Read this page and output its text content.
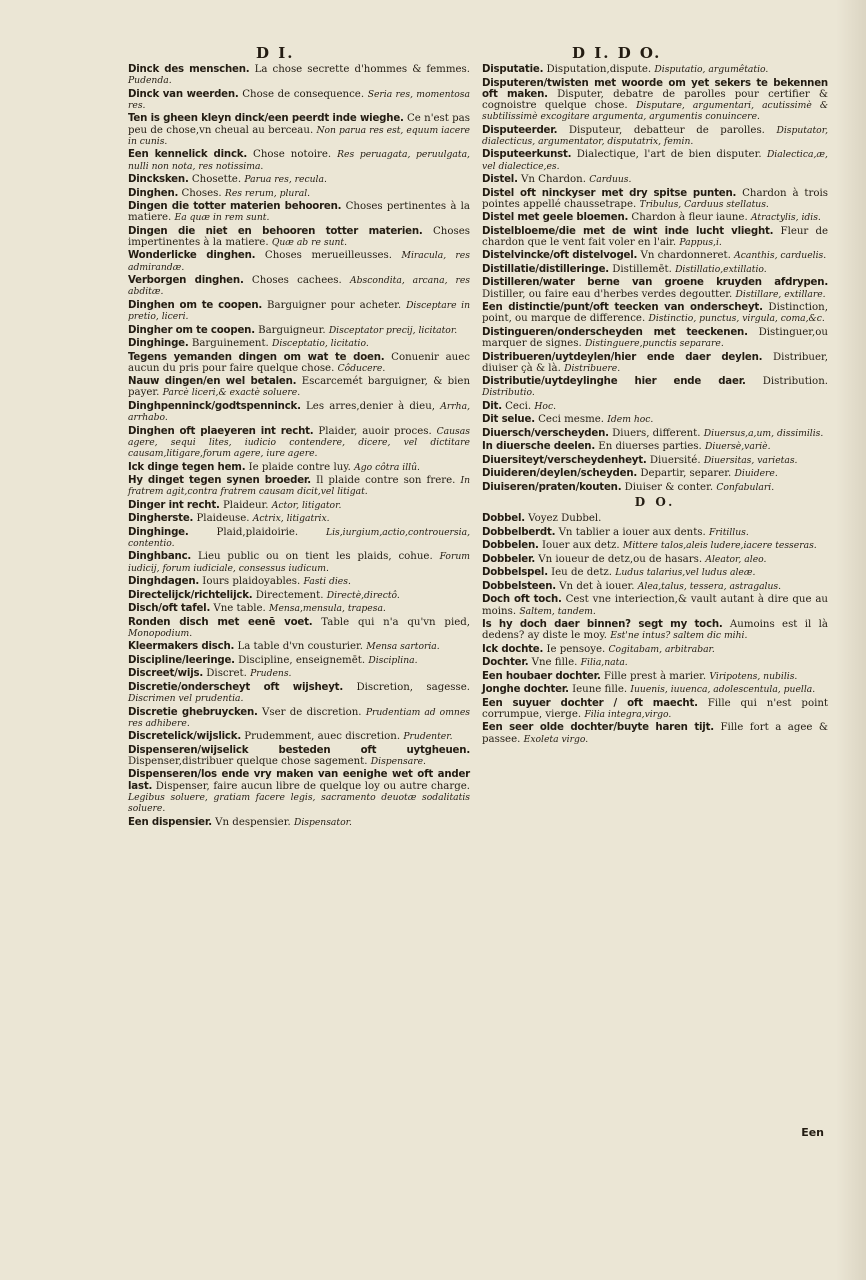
D I.	D I. D O.
Dinck des menschen. La chose secrette d'hommes & femmes. Pudenda.
Dinck van weerden. Chose de consequence. Seria res, momentosa res.
Ten is gheen kleyn dinck/een peerdt inde wieghe. Ce n'est pas peu de chose,vn cheual au berceau. Non parua res est, equum iacere in cunis.
Een kennelick dinck. Chose notoire. Res peruagata, peruulgata, nulli non nota, res notissima.
Dincksken. Chosette. Parua res, recula.
Dinghen. Choses. Res rerum, plural.
Dingen die totter materien behooren. Choses pertinentes à la matiere. Ea quæ in rem sunt.
Dingen die niet en behooren totter materien. Choses impertinentes à la matiere. Quæ ab re sunt.
Wonderlicke dinghen. Choses merueilleusses. Miracula, res admirandæ.
Verborgen dinghen. Choses cachees. Abscondita, arcana, res abditæ.
Dinghen om te coopen. Barguigner pour acheter. Disceptare in pretio, liceri.
Dingher om te coopen. Barguigneur. Disceptator precij, licitator.
Dinghinge. Barguinement. Disceptatio, licitatio.
Tegens yemanden dingen om wat te doen. Conuenir auec aucun du pris pour faire quelque chose. Côducere.
Nauw dingen/en wel betalen. Escarcemét barguigner, & bien payer. Parcè liceri,& exactè soluere.
Dinghpenninck/godtspenninck. Les arres,denier à dieu, Arrha, arrhabo.
Dinghen oft plaeyeren int recht. Plaider, auoir proces. Causas agere, sequi lites, iudicio contendere, dicere, vel dictitare causam,litigare,forum agere, iure agere.
Ick dinge tegen hem. Ie plaide contre luy. Ago côtra illû.
Hy dinget tegen synen broeder. Il plaide contre son frere. In fratrem agit,contra fratrem causam dicit,vel litigat.
Dinger int recht. Plaideur. Actor, litigator.
Dingherste. Plaideuse. Actrix, litigatrix.
Dinghinge.	Plaid,plaidoirie.	Lis,iurgium,actio,controuersia, contentio.
Dinghbanc. Lieu public ou on tient les plaids, cohue. Forum iudicij, forum iudiciale, consessus iudicum.
Dinghdagen. Iours plaidoyables. Fasti dies.
Directelijck/richtelijck. Directement. Directè,directô.
Disch/oft tafel. Vne table. Mensa,mensula, trapesa.
Ronden disch met eenē voet. Table qui n'a qu'vn pied, Monopodium.
Kleermakers disch. La table d'vn cousturier. Mensa sartoria.
Discipline/leeringe. Discipline, enseignemēt. Disciplina.
Discreet/wijs. Discret. Prudens.
Discretie/onderscheyt oft wijsheyt. Discretion, sagesse. Discrimen vel prudentia.
Discretie ghebruycken. Vser de discretion. Prudentiam ad omnes res adhibere.
Discretelick/wijslick. Prudemment, auec discretion. Prudenter.
Dispenseren/wijselick besteden oft uytgheuen. Dispenser,distribuer quelque chose sagement. Dispensare.
Dispenseren/los ende vry maken van eenighe wet oft ander last. Dispenser, faire aucun libre de quelque loy ou autre charge. Legibus soluere, gratiam facere legis, sacramento deuotæ sodalitatis soluere.
Een dispensier. Vn despensier. Dispensator.
Disputatie. Disputation,dispute. Disputatio, argumêtatio.
Disputeren/twisten met woorde om yet sekers te bekennen oft maken. Disputer, debatre de parolles pour certifier & cognoistre quelque chose. Disputare, argumentari, acutissimè & subtilissimè excogitare argumenta, argumentis conuincere.
Disputeerder. Disputeur, debatteur de parolles. Disputator, dialecticus, argumentator, disputatrix, femin.
Disputeerkunst. Dialectique, l'art de bien disputer. Dialectica,æ, vel dialectice,es.
Distel. Vn Chardon. Carduus.
Distel oft ninckyser met dry spitse punten. Chardon à trois pointes appellé chaussetrape. Tribulus, Carduus stellatus.
Distel met geele bloemen. Chardon à fleur iaune. Atractylis, idis.
Distelbloeme/die met de wint inde lucht vlieght. Fleur de chardon que le vent fait voler en l'air. Pappus,i.
Distelvincke/oft distelvogel. Vn chardonneret. Acanthis, carduelis.
Distillatie/distilleringe. Distillemēt. Distillatio,extillatio.
Distilleren/water berne van groene kruyden afdrypen. Distiller, ou faire eau d'herbes verdes degoutter. Distillare, extillare.
Een distinctie/punt/oft teecken van onderscheyt. Distinction, point, ou marque de difference. Distinctio, punctus, virgula, coma,&c.
Distingueren/onderscheyden met teeckenen. Distinguer,ou marquer de signes. Distinguere,punctis separare.
Distribueren/uytdeylen/hier ende daer deylen. Distribuer, diuiser çà & là. Distribuere.
Distributie/uytdeylinghe hier ende daer. Distribution. Distributio.
Dit. Ceci. Hoc.
Dit selue. Ceci mesme. Idem hoc.
Diuersch/verscheyden. Diuers, different. Diuersus,a,um, dissimilis.
In diuersche deelen. En diuerses parties. Diuersè,variè.
Diuersiteyt/verscheydenheyt. Diuersité. Diuersitas, varietas.
Diuideren/deylen/scheyden. Departir, separer. Diuidere.
Diuiseren/praten/kouten. Diuiser & conter. Confabulari.
D O.
Dobbel. Voyez Dubbel.
Dobbelberdt. Vn tablier a iouer aux dents. Fritillus.
Dobbelen. Iouer aux detz. Mittere talos,aleis ludere,iacere tesseras.
Dobbeler. Vn ioueur de detz,ou de hasars. Aleator, aleo.
Dobbelspel. Ieu de detz. Ludus talarius,vel ludus aleæ.
Dobbelsteen. Vn det à iouer. Alea,talus, tessera, astragalus.
Doch oft toch. Cest vne interiection,& vault autant à dire que au moins. Saltem, tandem.
Is hy doch daer binnen? segt my toch. Aumoins est il là dedens? ay diste le moy. Est'ne intus? saltem dic mihi.
Ick dochte. Ie pensoye. Cogitabam, arbitrabar.
Dochter. Vne fille. Filia,nata.
Een houbaer dochter. Fille prest à marier. Viripotens, nubilis.
Jonghe dochter. Ieune fille. Iuuenis, iuuenca, adolescentula, puella.
Een suyuer dochter / oft maecht. Fille qui n'est point corrumpue, vierge. Filia integra,virgo.
Een seer olde dochter/buyte haren tijt. Fille fort a agee & passee. Exoleta virgo.
Een
